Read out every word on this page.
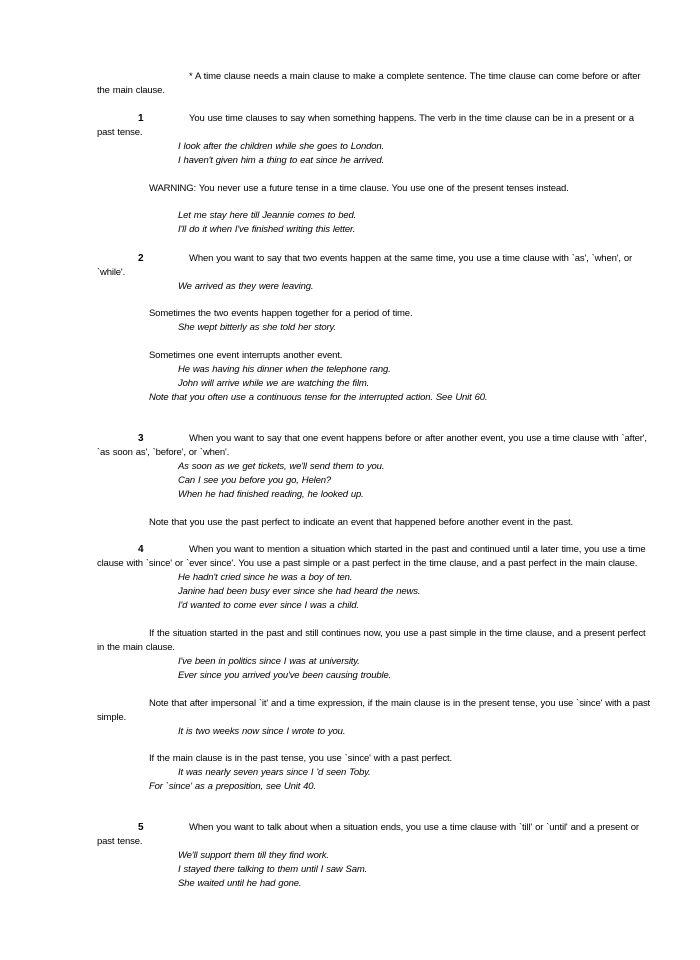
* A time clause needs a main clause to make a complete sentence. The time clause can come before or after
the main clause.
1	You use time clauses to say when something happens. The verb in the time clause can be in a present or a
past tense.
I look after the children while she goes to London.
I haven't given him a thing to eat since he arrived.
WARNING: You never use a future tense in a time clause. You use one of the present tenses instead.
Let me stay here till Jeannie comes to bed.
I'll do it when I've finished writing this letter.
2	When you want to say that two events happen at the same time, you use a time clause with `as', `when', or
`while'.
We arrived as they were leaving.
Sometimes the two events happen together for a period of time.
She wept bitterly as she told her story.
Sometimes one event interrupts another event.
He was having his dinner when the telephone rang.
John will arrive while we are watching the film.
Note that you often use a continuous tense for the interrupted action. See Unit 60.
3	When you want to say that one event happens before or after another event, you use a time clause with `after',
`as soon as', `before', or `when'.
As soon as we get tickets, we'll send them to you.
Can I see you before you go, Helen?
When he had finished reading, he looked up.
Note that you use the past perfect to indicate an event that happened before another event in the past.
4	When you want to mention a situation which started in the past and continued until a later time, you use a time
clause with `since' or `ever since'. You use a past simple or a past perfect in the time clause, and a past perfect in the main clause.
He hadn't cried since he was a boy of ten.
Janine had been busy ever since she had heard the news.
I'd wanted to come ever since I was a child.
If the situation started in the past and still continues now, you use a past simple in the time clause, and a present perfect
in the main clause.
I've been in politics since I was at university.
Ever since you arrived you've been causing trouble.
Note that after impersonal `it' and a time expression, if the main clause is in the present tense, you use `since' with a past
simple.
It is two weeks now since I wrote to you.
If the main clause is in the past tense, you use `since' with a past perfect.
It was nearly seven years since I 'd seen Toby.
For `since' as a preposition, see Unit 40.
5	When you want to talk about when a situation ends, you use a time clause with `till' or `until' and a present or
past tense.
We'll support them till they find work.
I stayed there talking to them until I saw Sam.
She waited until he had gone.
